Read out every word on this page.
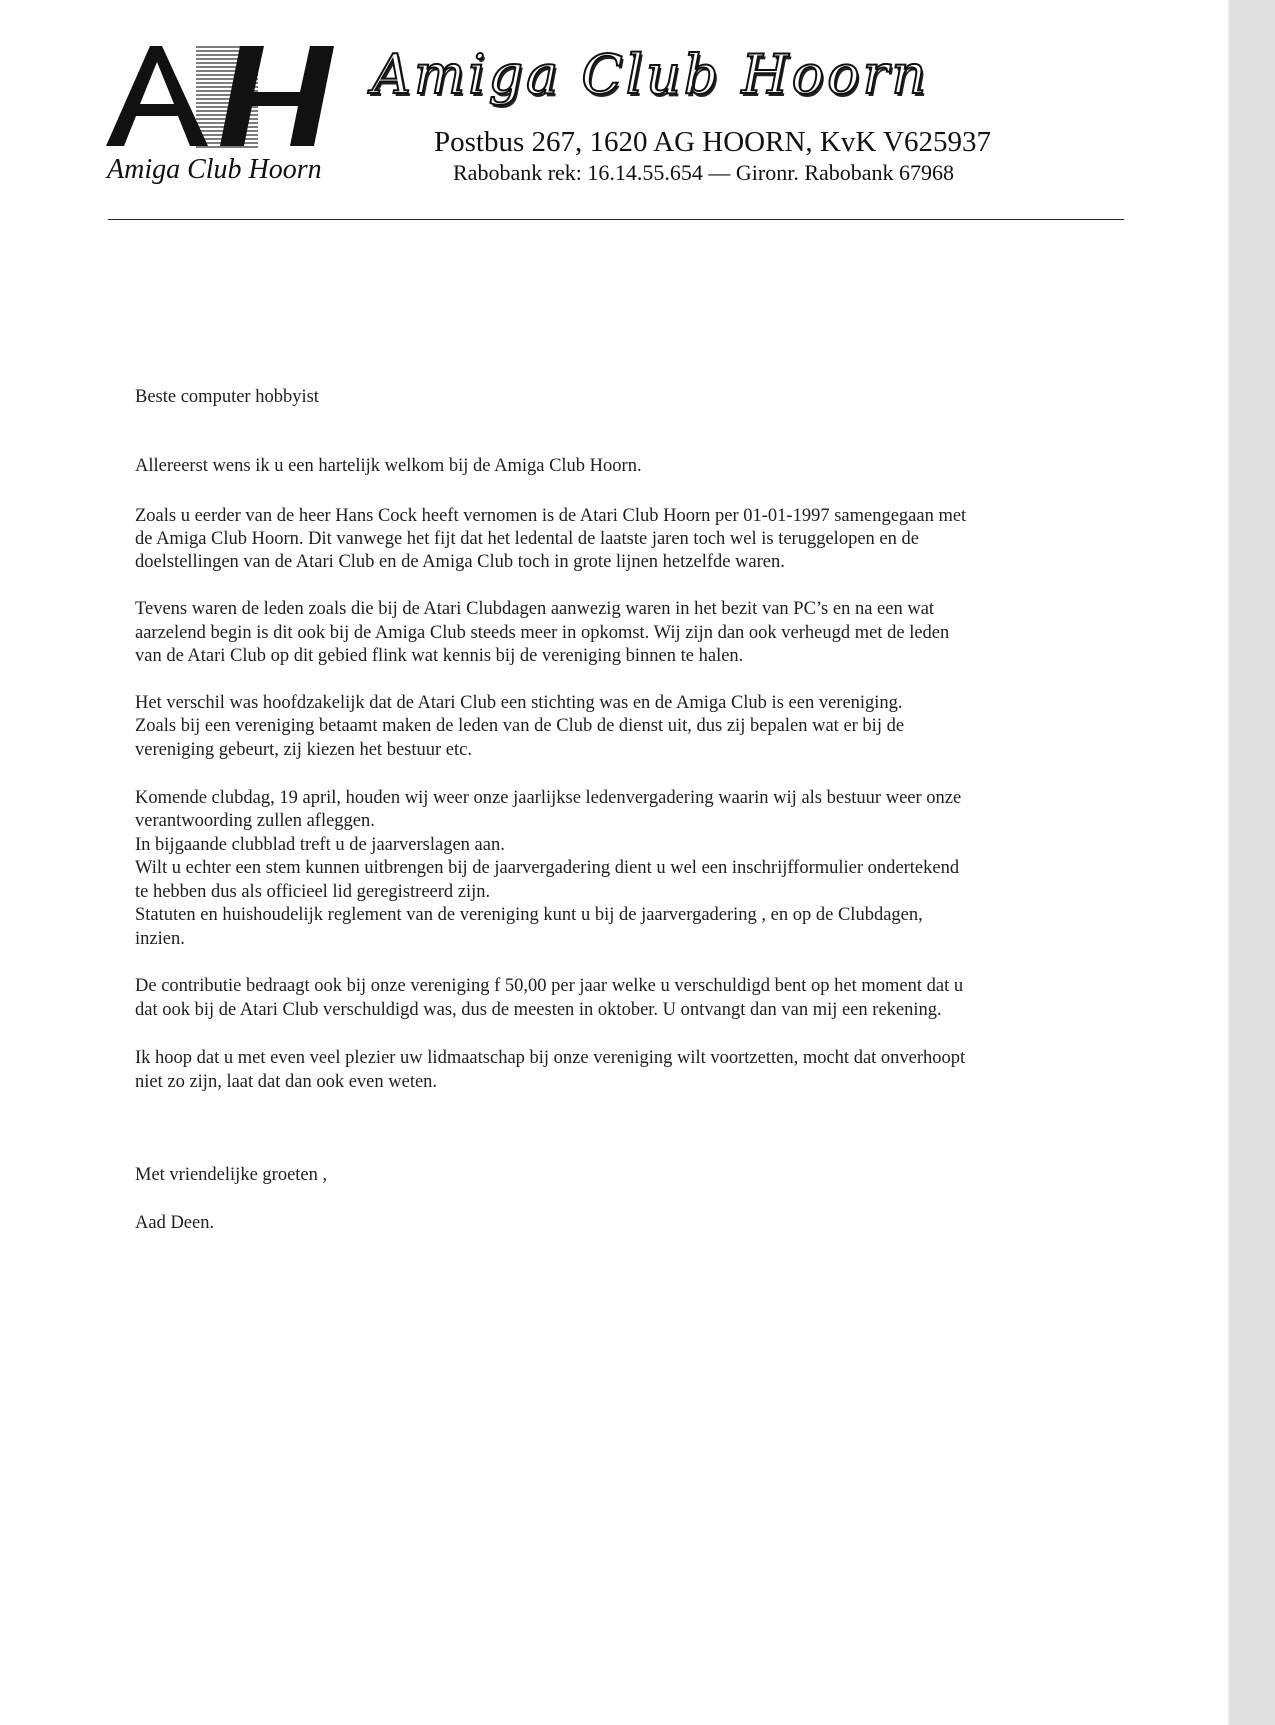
Amiga Club Hoorn
Amiga Club Hoorn
Postbus 267, 1620 AG HOORN, KvK V625937
Rabobank rek: 16.14.55.654 — Gironr. Rabobank 67968
Beste computer hobbyist
Allereerst wens ik u een hartelijk welkom bij de Amiga Club Hoorn.
Zoals u eerder van de heer Hans Cock heeft vernomen is de Atari Club Hoorn per 01-01-1997 samengegaan met
de Amiga Club Hoorn. Dit vanwege het fijt dat het ledental de laatste jaren toch wel is teruggelopen en de
doelstellingen van de Atari Club en de Amiga Club toch in grote lijnen hetzelfde waren.
Tevens waren de leden zoals die bij de Atari Clubdagen aanwezig waren in het bezit van PC’s en na een wat
aarzelend begin is dit ook bij de Amiga Club steeds meer in opkomst. Wij zijn dan ook verheugd met de leden
van de Atari Club op dit gebied flink wat kennis bij de vereniging binnen te halen.
Het verschil was hoofdzakelijk dat de Atari Club een stichting was en de Amiga Club is een vereniging.
Zoals bij een vereniging betaamt maken de leden van de Club de dienst uit, dus zij bepalen wat er bij de
vereniging gebeurt, zij kiezen het bestuur etc.
Komende clubdag, 19 april, houden wij weer onze jaarlijkse ledenvergadering waarin wij als bestuur weer onze
verantwoording zullen afleggen.
In bijgaande clubblad treft u de jaarverslagen aan.
Wilt u echter een stem kunnen uitbrengen bij de jaarvergadering dient u wel een inschrijfformulier ondertekend
te hebben dus als officieel lid geregistreerd zijn.
Statuten en huishoudelijk reglement van de vereniging kunt u bij de jaarvergadering , en op de Clubdagen,
inzien.
De contributie bedraagt ook bij onze vereniging f 50,00 per jaar welke u verschuldigd bent op het moment dat u
dat ook bij de Atari Club verschuldigd was, dus de meesten in oktober. U ontvangt dan van mij een rekening.
Ik hoop dat u met even veel plezier uw lidmaatschap bij onze vereniging wilt voortzetten, mocht dat onverhoopt
niet zo zijn, laat dat dan ook even weten.
Met vriendelijke groeten ,
Aad Deen.
